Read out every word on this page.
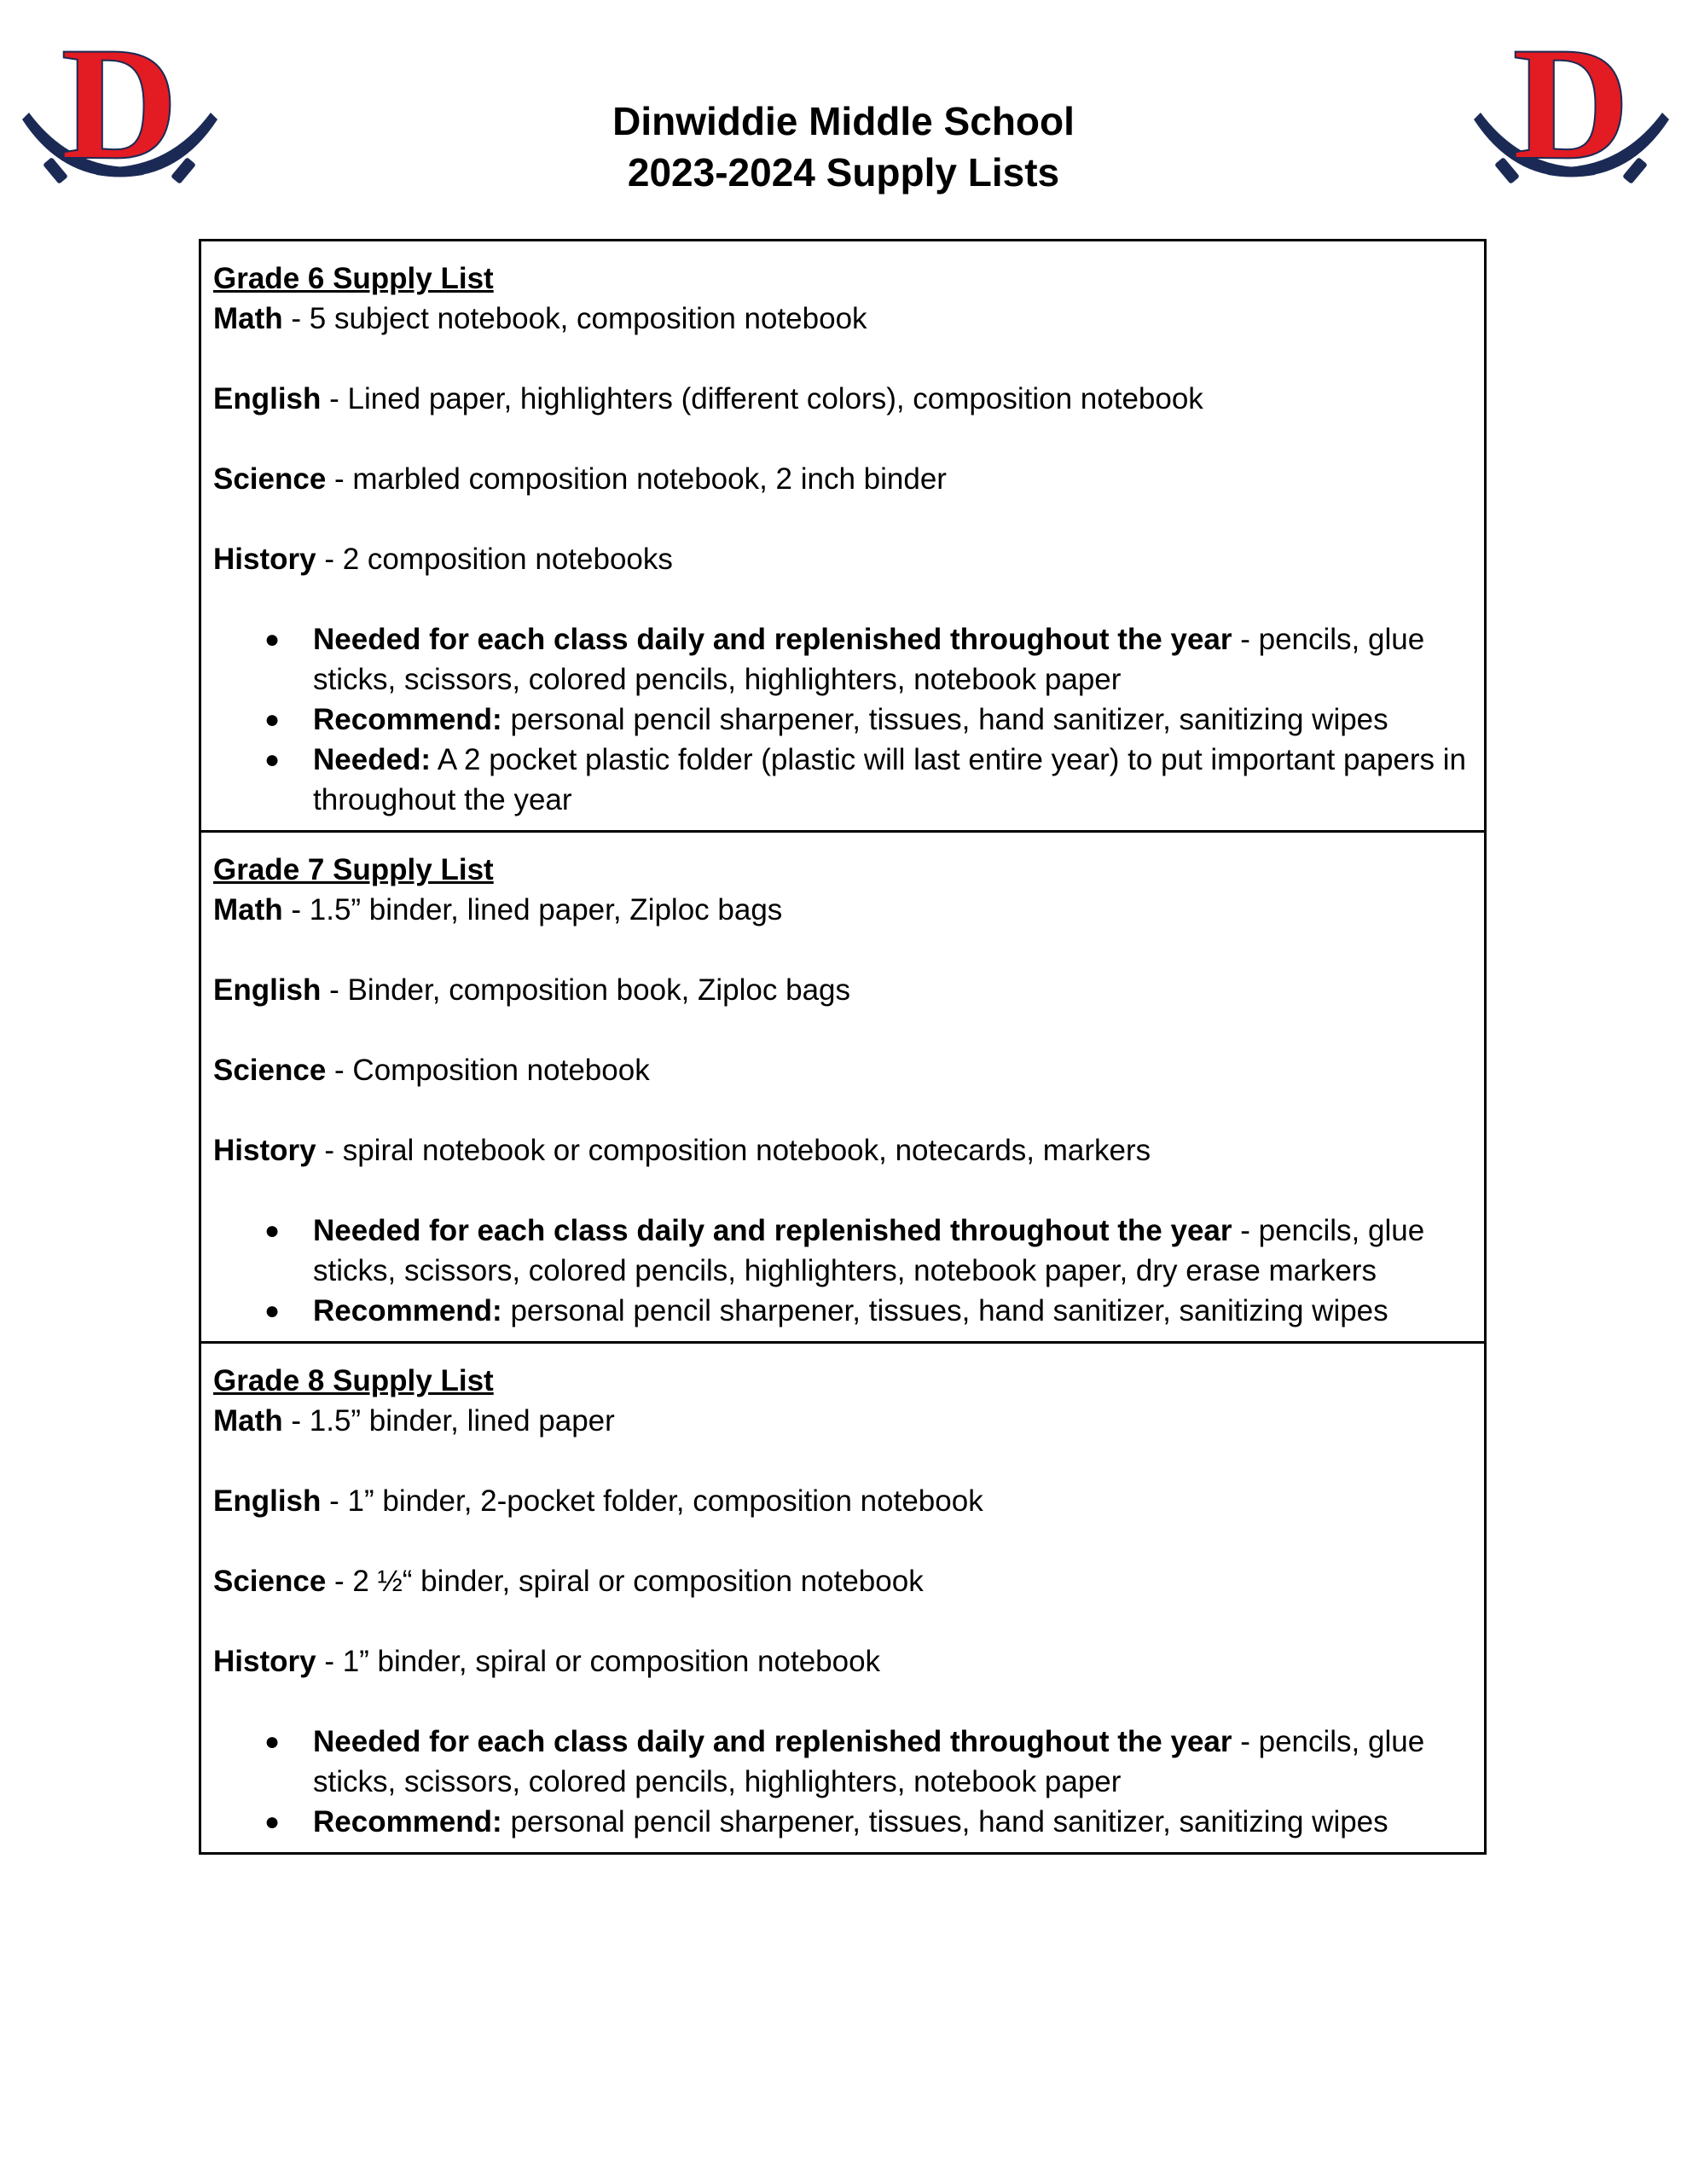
D	D
Dinwiddie Middle School
2023-2024 Supply Lists
Grade 6 Supply List
Math - 5 subject notebook, composition notebook
English - Lined paper, highlighters (different colors), composition notebook
Science - marbled composition notebook, 2 inch binder
History - 2 composition notebooks
● Needed for each class daily and replenished throughout the year - pencils, glue sticks, scissors, colored pencils, highlighters, notebook paper
● Recommend: personal pencil sharpener, tissues, hand sanitizer, sanitizing wipes
● Needed: A 2 pocket plastic folder (plastic will last entire year) to put important papers in throughout the year
Grade 7 Supply List
Math - 1.5” binder, lined paper, Ziploc bags
English - Binder, composition book, Ziploc bags
Science - Composition notebook
History - spiral notebook or composition notebook, notecards, markers
● Needed for each class daily and replenished throughout the year - pencils, glue sticks, scissors, colored pencils, highlighters, notebook paper, dry erase markers
● Recommend: personal pencil sharpener, tissues, hand sanitizer, sanitizing wipes
Grade 8 Supply List
Math - 1.5” binder, lined paper
English - 1” binder, 2-pocket folder, composition notebook
Science - 2 ½“ binder, spiral or composition notebook
History - 1” binder, spiral or composition notebook
● Needed for each class daily and replenished throughout the year - pencils, glue sticks, scissors, colored pencils, highlighters, notebook paper
● Recommend: personal pencil sharpener, tissues, hand sanitizer, sanitizing wipes
